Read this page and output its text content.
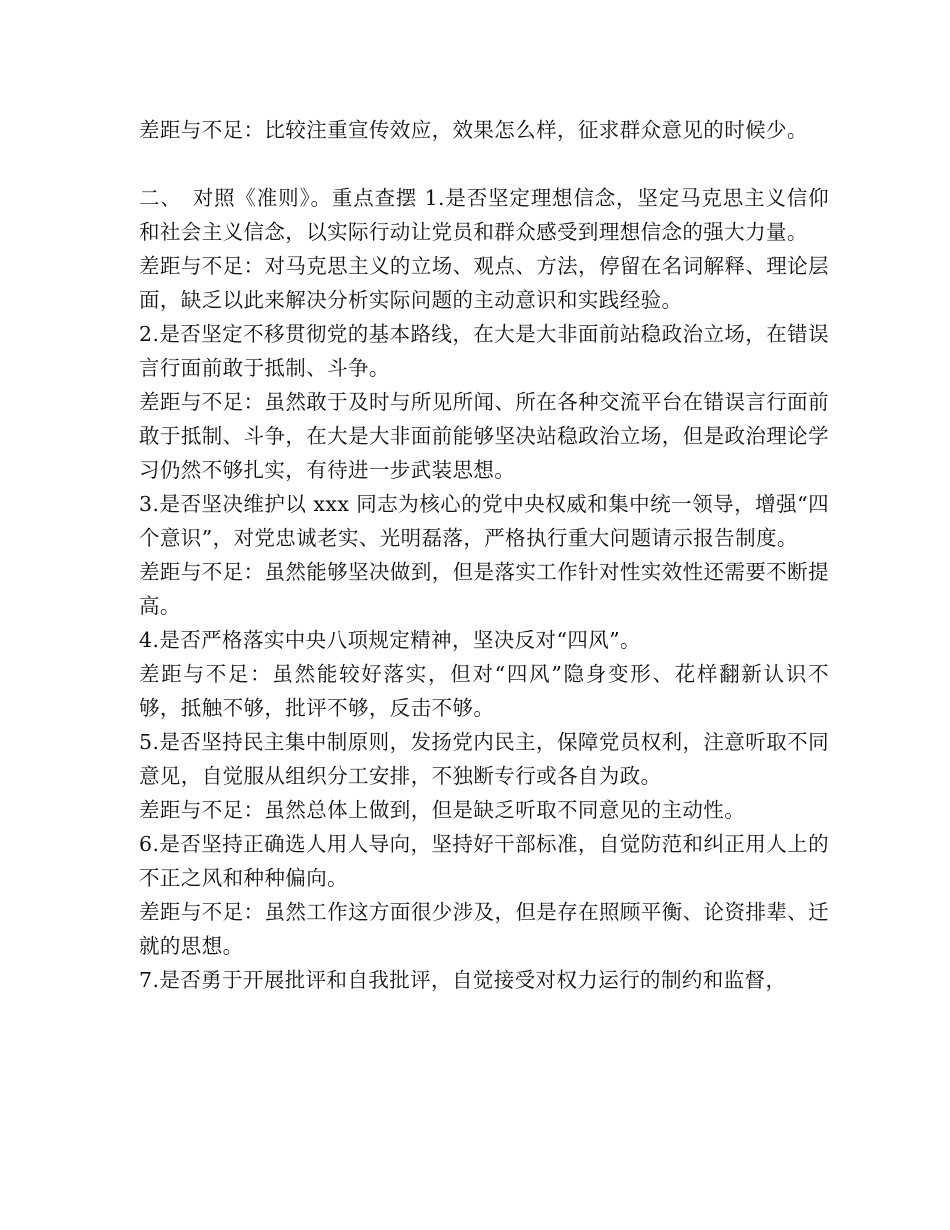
差距与不足：比较注重宣传效应，效果怎么样，征求群众意见的时候少。

二、　对照《准则》。重点查摆 1.是否坚定理想信念，坚定马克思主义信仰和社会主义信念，以实际行动让党员和群众感受到理想信念的强大力量。

差距与不足：对马克思主义的立场、观点、方法，停留在名词解释、理论层面，缺乏以此来解决分析实际问题的主动意识和实践经验。

2.是否坚定不移贯彻党的基本路线，在大是大非面前站稳政治立场，在错误言行面前敢于抵制、斗争。

差距与不足：虽然敢于及时与所见所闻、所在各种交流平台在错误言行面前敢于抵制、斗争，在大是大非面前能够坚决站稳政治立场，但是政治理论学习仍然不够扎实，有待进一步武装思想。

3.是否坚决维护以 xxx 同志为核心的党中央权威和集中统一领导，增强“四个意识”，对党忠诚老实、光明磊落，严格执行重大问题请示报告制度。

差距与不足：虽然能够坚决做到，但是落实工作针对性实效性还需要不断提高。

4.是否严格落实中央八项规定精神，坚决反对“四风”。

差距与不足：虽然能较好落实，但对“四风”隐身变形、花样翻新认识不够，抵触不够，批评不够，反击不够。

5.是否坚持民主集中制原则，发扬党内民主，保障党员权利，注意听取不同意见，自觉服从组织分工安排，不独断专行或各自为政。

差距与不足：虽然总体上做到，但是缺乏听取不同意见的主动性。

6.是否坚持正确选人用人导向，坚持好干部标准，自觉防范和纠正用人上的不正之风和种种偏向。

差距与不足：虽然工作这方面很少涉及，但是存在照顾平衡、论资排辈、迁就的思想。

7.是否勇于开展批评和自我批评，自觉接受对权力运行的制约和监督，
